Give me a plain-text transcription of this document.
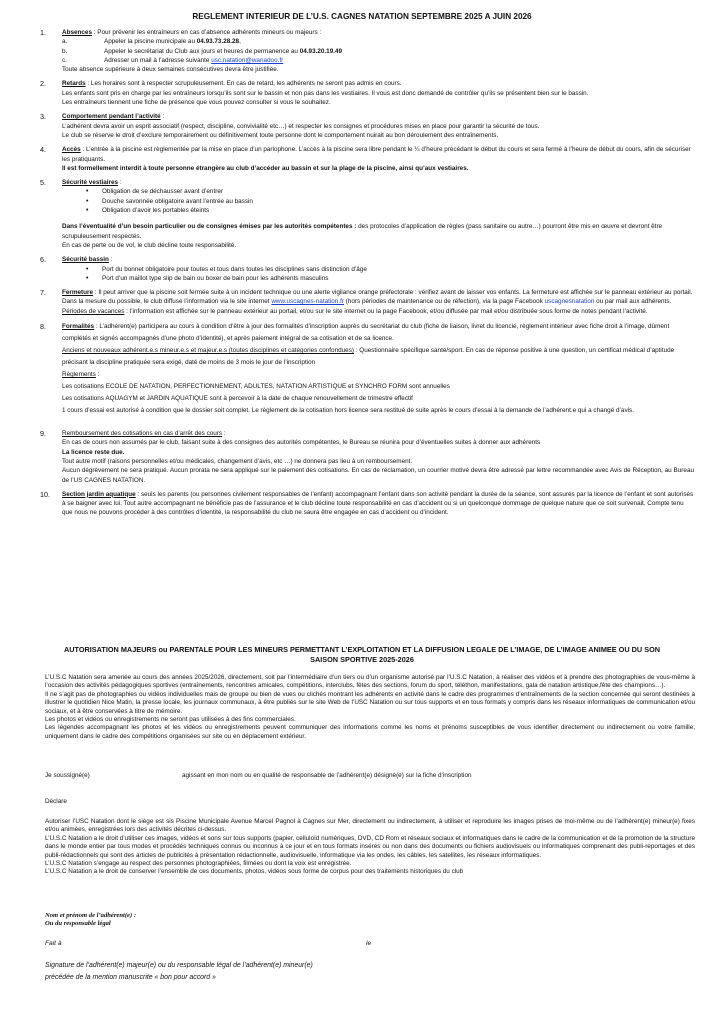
REGLEMENT INTERIEUR DE L’U.S. CAGNES NATATION SEPTEMBRE 2025 A JUIN 2026
1.	Absences : Pour prévenir les entraîneurs en cas d’absence adhérents mineurs ou majeurs :
a.	Appeler la piscine municipale au 04.93.73.28.28,
b.	Appeler le secrétariat du Club aux jours et heures de permanence au 04.93.20.19.49
c.	Adresser un mail à l’adresse suivante usc.natation@wanadoo.fr
Toute absence supérieure à deux semaines consécutives devra être justifiée.
2.	Retards : Les horaires sont à respecter scrupuleusement. En cas de retard, les adhérents ne seront pas admis en cours.
Les enfants sont pris en charge par les entraîneurs lorsqu’ils sont sur le bassin et non pas dans les vestiaires. Il vous est donc demandé de contrôler qu’ils se présentent bien sur le bassin.
Les entraîneurs tiennent une fiche de présence que vous pouvez consulter si vous le souhaitez.
3.	Comportement pendant l’activité :
L’adhérent devra avoir un esprit associatif (respect, discipline, convivialité etc…) et respecter les consignes et procédures mises en place pour garantir la sécurité de tous.
Le club se réserve le droit d’exclure temporairement ou définitivement toute personne dont le comportement nuirait au bon déroulement des entraînements.
4.	Accès : L’entrée à la piscine est règlementée par la mise en place d’un parlophone. L’accès à la piscine sera libre pendant le ¼ d’heure précédant le début du cours et sera fermé à l’heure de début du cours, afin de sécuriser les pratiquants.
Il est formellement interdit à toute personne étrangère au club d’accéder au bassin et sur la plage de la piscine, ainsi qu’aux vestiaires.
5.	Sécurité vestiaires :
• Obligation de se déchausser avant d’entrer
• Douche savonnée obligatoire avant l’entrée au bassin
• Obligation d’avoir les portables éteints
Dans l’éventualité d’un besoin particulier ou de consignes émises par les autorités compétentes : des protocoles d’application de règles (pass sanitaire ou autre…) pourront être mis en œuvre et devront être scrupuleusement respectés.
En cas de perte ou de vol, le club décline toute responsabilité.
6.	Sécurité bassin :
• Port du bonnet obligatoire pour toutes et tous dans toutes les disciplines sans distinction d’âge
• Port d’un maillot type slip de bain ou boxer de bain pour les adhérents masculins
7.	Fermeture : Il peut arriver que la piscine soit fermée suite à un incident technique ou une alerte vigilance orange préfectorale : vérifiez avant de laisser vos enfants. La fermeture est affichée sur le panneau extérieur au portail. Dans la mesure du possible, le club diffuse l’information via le site internet www.uscagnes-natation.fr (hors périodes de maintenance ou de réfection), via la page Facebook uscagnesnatation ou par mail aux adhérents.
Périodes de vacances : l’information est affichée sur le panneau extérieur au portail, et/ou sur le site internet ou la page Facebook, et/ou diffusée par mail et/ou distribuée sous forme de notes pendant l’activité.
8.	Formalités : L’adhérent(e) participera au cours à condition d’être à jour des formalités d’inscription auprès du secrétariat du club (fiche de liaison, livret du licencié, règlement intérieur avec fiche droit à l’image, dûment complétés et signés accompagnés d’une photo d’identité), et après paiement intégral de sa cotisation et de sa licence.
Anciens et nouveaux adhérent.e.s mineur.e.s et majeur.e.s (toutes disciplines et catégories confondues) : Questionnaire spécifique santé/sport. En cas de réponse positive à une question, un certificat médical d’aptitude précisant la discipline pratiquée sera exigé, daté de moins de 3 mois le jour de l’inscription
Règlements :
Les cotisations ECOLE DE NATATION, PERFECTIONNEMENT, ADULTES, NATATION ARTISTIQUE et SYNCHRO FORM sont annuelles
Les cotisations AQUAGYM et JARDIN AQUATIQUE sont à percevoir à la date de chaque renouvellement de trimestre effectif
1 cours d’essai est autorisé à condition que le dossier soit complet. Le règlement de la cotisation hors licence sera restitué de suite après le cours d’essai à la demande de l’adhérent.e qui a changé d’avis.
9.	Remboursement des cotisations en cas d’arrêt des cours :
En cas de cours non assumés par le club, faisant suite à des consignes des autorités compétentes, le Bureau se réunira pour d’éventuelles suites à donner aux adhérents
La licence reste due.
Tout autre motif (raisons personnelles et/ou médicales, changement d’avis, etc …) ne donnera pas lieu à un remboursement.
Aucun dégrèvement ne sera pratiqué. Aucun prorata ne sera appliqué sur le paiement des cotisations. En cas de réclamation, un courrier motivé devra être adressé par lettre recommandée avec Avis de Réception, au Bureau de l’US CAGNES NATATION.
10. Section jardin aquatique : seuls les parents (ou personnes civilement responsables de l’enfant) accompagnant l’enfant dans son activité pendant la durée de la séance, sont assurés par la licence de l’enfant et sont autorisés à se baigner avec lui. Tout autre accompagnant ne bénéficie pas de l’assurance et le club décline toute responsabilité en cas d’accident ou si un quelconque dommage de quelque nature que ce soit survenait. Compte tenu que nous ne pouvons procéder à des contrôles d’identité, la responsabilité du club ne saura être engagée en cas d’accident ou d’incident.
AUTORISATION MAJEURS ou PARENTALE POUR LES MINEURS PERMETTANT L’EXPLOITATION ET LA DIFFUSION LEGALE DE L’IMAGE, DE L’IMAGE ANIMEE OU DU SON
SAISON SPORTIVE 2025-2026

L’U.S.C Natation sera amenée au cours des années 2025/2026, directement, soit par l’intermédiaire d’un tiers ou d’un organisme autorisé par l’U.S.C Natation, à réaliser des vidéos et à prendre des photographies de vous-même à l’occasion des activités pédagogiques sportives (entraînements, rencontres amicales, compétitions, interclubs, fêtes des sections, forum du sport, téléthon, manifestations, gala de natation artistique,fête des champions…).

Il ne s’agit pas de photographies ou vidéos individuelles mais de groupe ou bien de vues ou clichés montrant les adhérents en activité dans le cadre des programmes d’entraînements de la section concernée qui seront destinées à illustrer le quotidien Nice Matin, la presse locale, les journaux communaux, à être publiés sur le site Web de l’USC Natation ou sur tous supports et en tous formats y compris dans les réseaux informatiques de communication et/ou sociaux, et à être conservées à titre de mémoire.

Les photos et vidéos ou enregistrements ne seront pas utilisées à des fins commerciales.

Les légendes accompagnant les photos et les vidéos ou enregistrements peuvent communiquer des informations comme les noms et prénoms susceptibles de vous identifier directement ou indirectement ou votre famille, uniquement dans le cadre des compétitions organisées sur site ou en déplacement extérieur.

Je soussigné(e)	agissant en mon nom ou en qualité de responsable de l’adhérent(e) désigné(e) sur la fiche d’inscription
Déclare

Autoriser l’USC Natation dont le siège est sis Piscine Municipale Avenue Marcel Pagnol à Cagnes sur Mer, directement ou indirectement, à utiliser et reproduire les images prises de moi-même ou de l’adhérent(e) mineur(e) fixes et/ou animées, enregistrées lors des activités décrites ci-dessus.

L’U.S.C Natation a le droit d’utiliser ces images, vidéos et sons sur tous supports (papier, celluloïd numériques, DVD, CD Rom et réseaux sociaux et informatiques dans le cadre de la communication et de la promotion de la structure dans le monde entier par tous modes et procédés techniques connus ou inconnus à ce jour et en tous formats insérés ou non dans des documents ou fichiers audiovisuels ou informatiques comprenant des publi-reportages et des publi-rédactionnels qui sont des articles de publicités à présentation rédactionnelle, audiovisuelle, informatique via les ondes, les câbles, les satellites, les réseaux informatiques.

L’U.S.C Natation s’engage au respect des personnes photographiées, filmées ou dont la voix est enregistrée.

L’U.S.C Natation a le droit de conserver l’ensemble de ces documents, photos, vidéos sous forme de corpus pour des traitements historiques du club

Nom et prénom de l’adhérent(e) :
Ou du responsable légal
Fait à	le
Signature de l’adhérent(e) majeur(e) ou du responsable légal de l’adhérent(e) mineur(e)
précédée de la mention manuscrite « bon pour accord »
